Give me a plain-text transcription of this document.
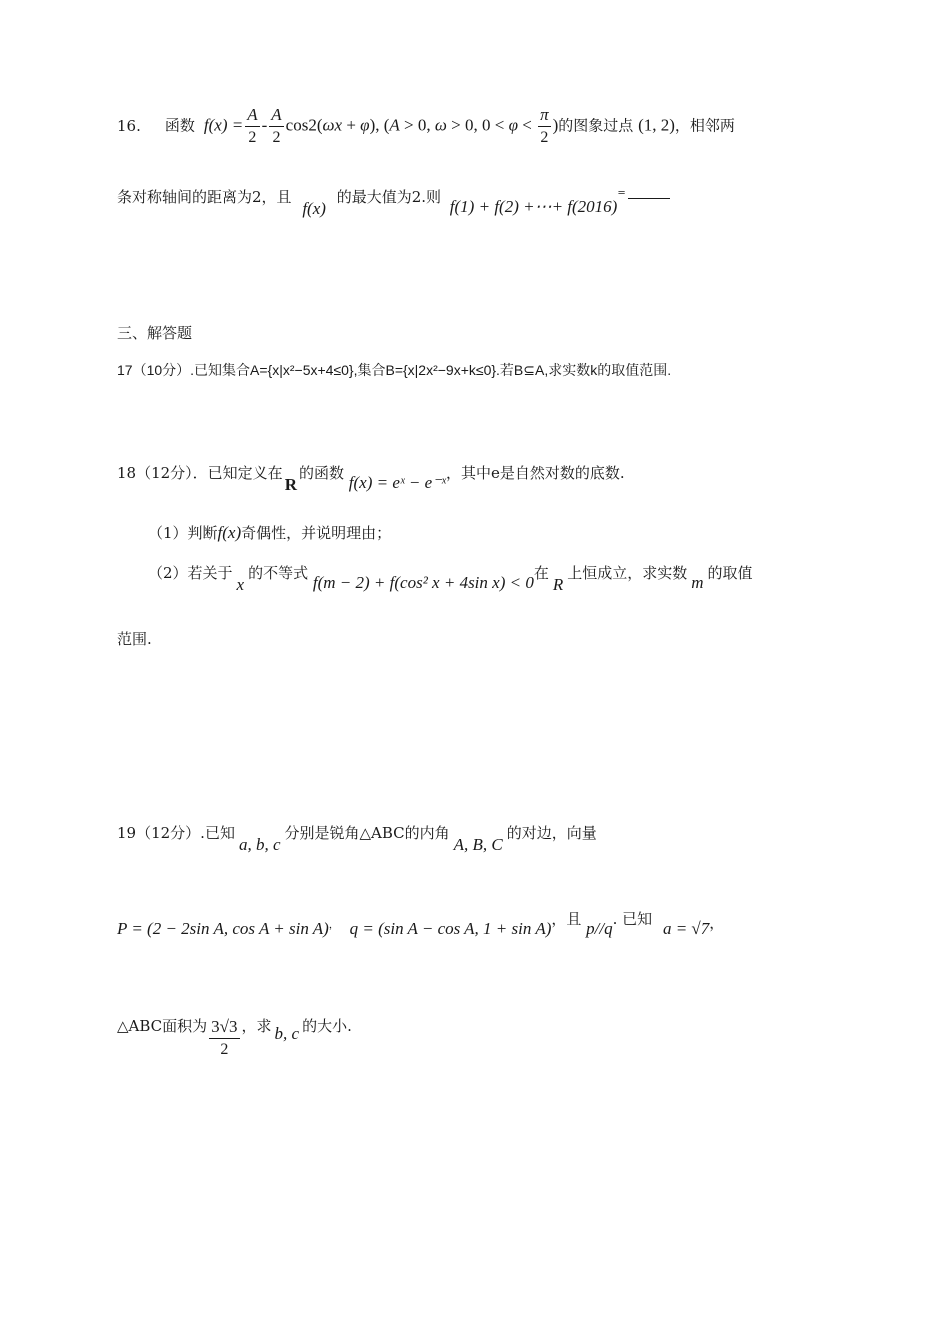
16. 函数  $f(x) = \frac{A}{2} - \frac{A}{2} \cos 2(\omega x + \varphi)$, (A > 0, ω > 0, $0 < \varphi < \frac{\pi}{2}$ )的图象过点 (1, 2)，相邻两
条对称轴间的距离为2，且 f(x) 的最大值为2.则 f(1) + f(2) +⋯+ f(2016)=
三、解答题
17（10分）.已知集合A={x|x²−5x+4≤0},集合B={x|2x²−9x+k≤0}.若B⊆A,求实数k的取值范围.
18（12分）．已知定义在R的函数 f(x) = eˣ − e⁻ˣ，其中e是自然对数的底数.
（1）判断f(x)奇偶性，并说明理由；
（2）若关于x的不等式 f(m − 2) + f(cos² x + 4sin x) < 0在R上恒成立，求实数 m 的取值
范围.
19（12分）.已知a, b, c分别是锐角△ABC的内角A, B, C的对边，向量
P = (2 − 2sin A, cos A + sin A)， q = (sin A − cos A, 1 + sin A)，且 p//q. 已知 a = √7，
△ABC面积为 $\frac{3√3}{2}$ ，求 b, c 的大小.
